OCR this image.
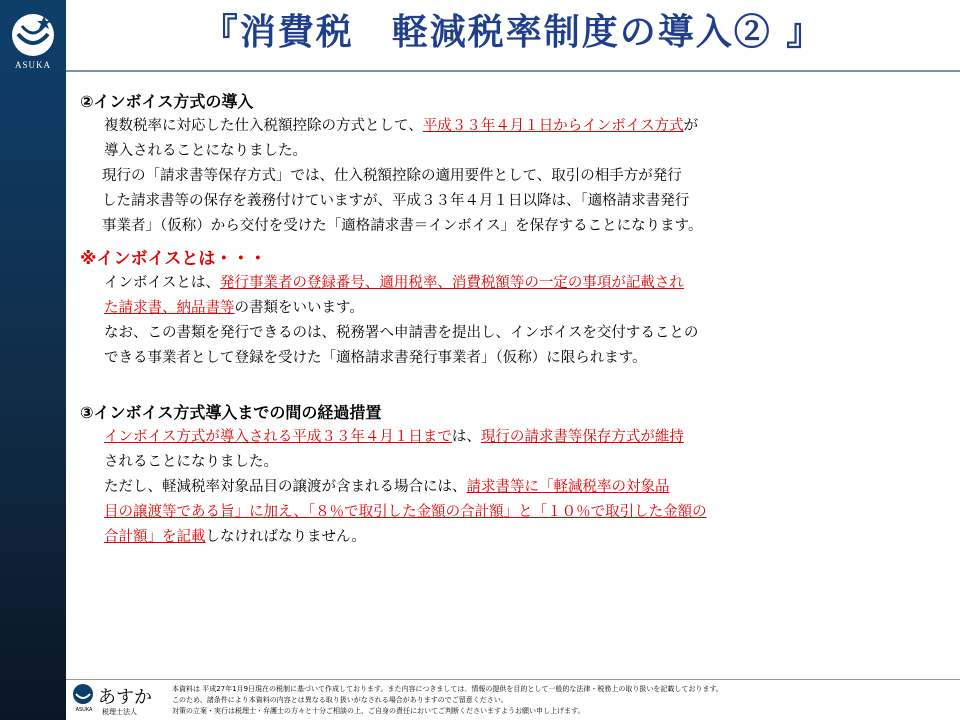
ASUKA
『消費税　軽減税率制度の導入② 』
②インボイス方式の導入
複数税率に対応した仕入税額控除の方式として、平成３３年４月１日からインボイス方式が
導入されることになりました。
現行の「請求書等保存方式」では、仕入税額控除の適用要件として、取引の相手方が発行
した請求書等の保存を義務付けていますが、平成３３年４月１日以降は、「適格請求書発行
事業者」（仮称）から交付を受けた「適格請求書＝インボイス」を保存することになります。
※インボイスとは・・・
インボイスとは、発行事業者の登録番号、適用税率、消費税額等の一定の事項が記載され
た請求書、納品書等の書類をいいます。
なお、この書類を発行できるのは、税務署へ申請書を提出し、インボイスを交付することの
できる事業者として登録を受けた「適格請求書発行事業者」（仮称）に限られます。
③インボイス方式導入までの間の経過措置
インボイス方式が導入される平成３３年４月１日までは、現行の請求書等保存方式が維持
されることになりました。
ただし、軽減税率対象品目の譲渡が含まれる場合には、請求書等に「軽減税率の対象品
目の譲渡等である旨」に加え、「８％で取引した金額の合計額」と「１０％で取引した金額の
合計額」を記載しなければなりません。
ASUKA
あすか
税理士法人
本資料は 平成27年1月9日現在の税制に基づいて作成しております。また内容につきましては、情報の提供を目的として一般的な法律・税務上の取り扱いを記載しております。
このため、諸条件により本資料の内容とは異なる取り扱いがなされる場合がありますのでご留意ください。
対策の立案・実行は税理士・弁護士の方々と十分ご相談の上、ご自身の責任においてご判断くださいますようお願い申し上げます。
